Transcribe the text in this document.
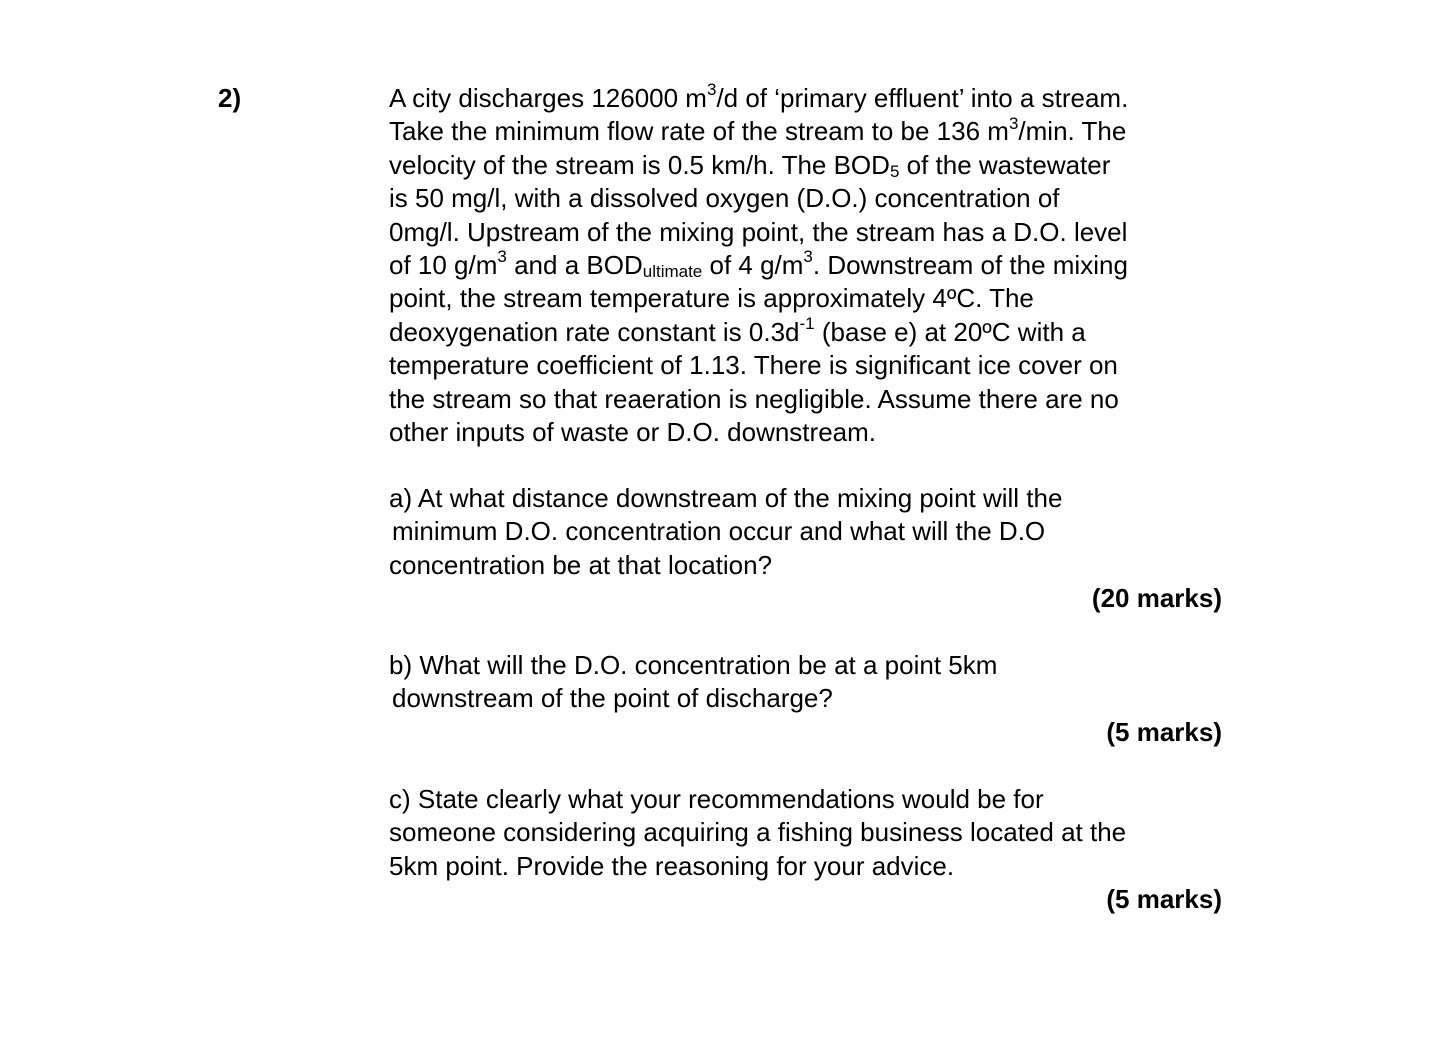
2)	A city discharges 126000 $m^3/d$ of ‘primary effluent’ into a stream.
Take the minimum flow rate of the stream to be 136 $m^3/\min$. The
velocity of the stream is 0.5 km/h. The $BOD_5$ of the wastewater
is 50 mg/l, with a dissolved oxygen (D.O.) concentration of
0mg/l. Upstream of the mixing point, the stream has a D.O. level
of 10 $g/m^3$ and a $BOD_{ultimate}$ of 4 $g/m^3$. Downstream of the mixing
point, the stream temperature is approximately 4ºC. The
deoxygenation rate constant is $0.3d^{-1}$ (base e) at 20ºC with a
temperature coefficient of 1.13. There is significant ice cover on
the stream so that reaeration is negligible. Assume there are no
other inputs of waste or D.O. downstream.
a) At what distance downstream of the mixing point will the
minimum D.O. concentration occur and what will the D.O
concentration be at that location?
(20 marks)
b) What will the D.O. concentration be at a point 5km
downstream of the point of discharge?
(5 marks)
c) State clearly what your recommendations would be for
someone considering acquiring a fishing business located at the
5km point. Provide the reasoning for your advice.
(5 marks)
